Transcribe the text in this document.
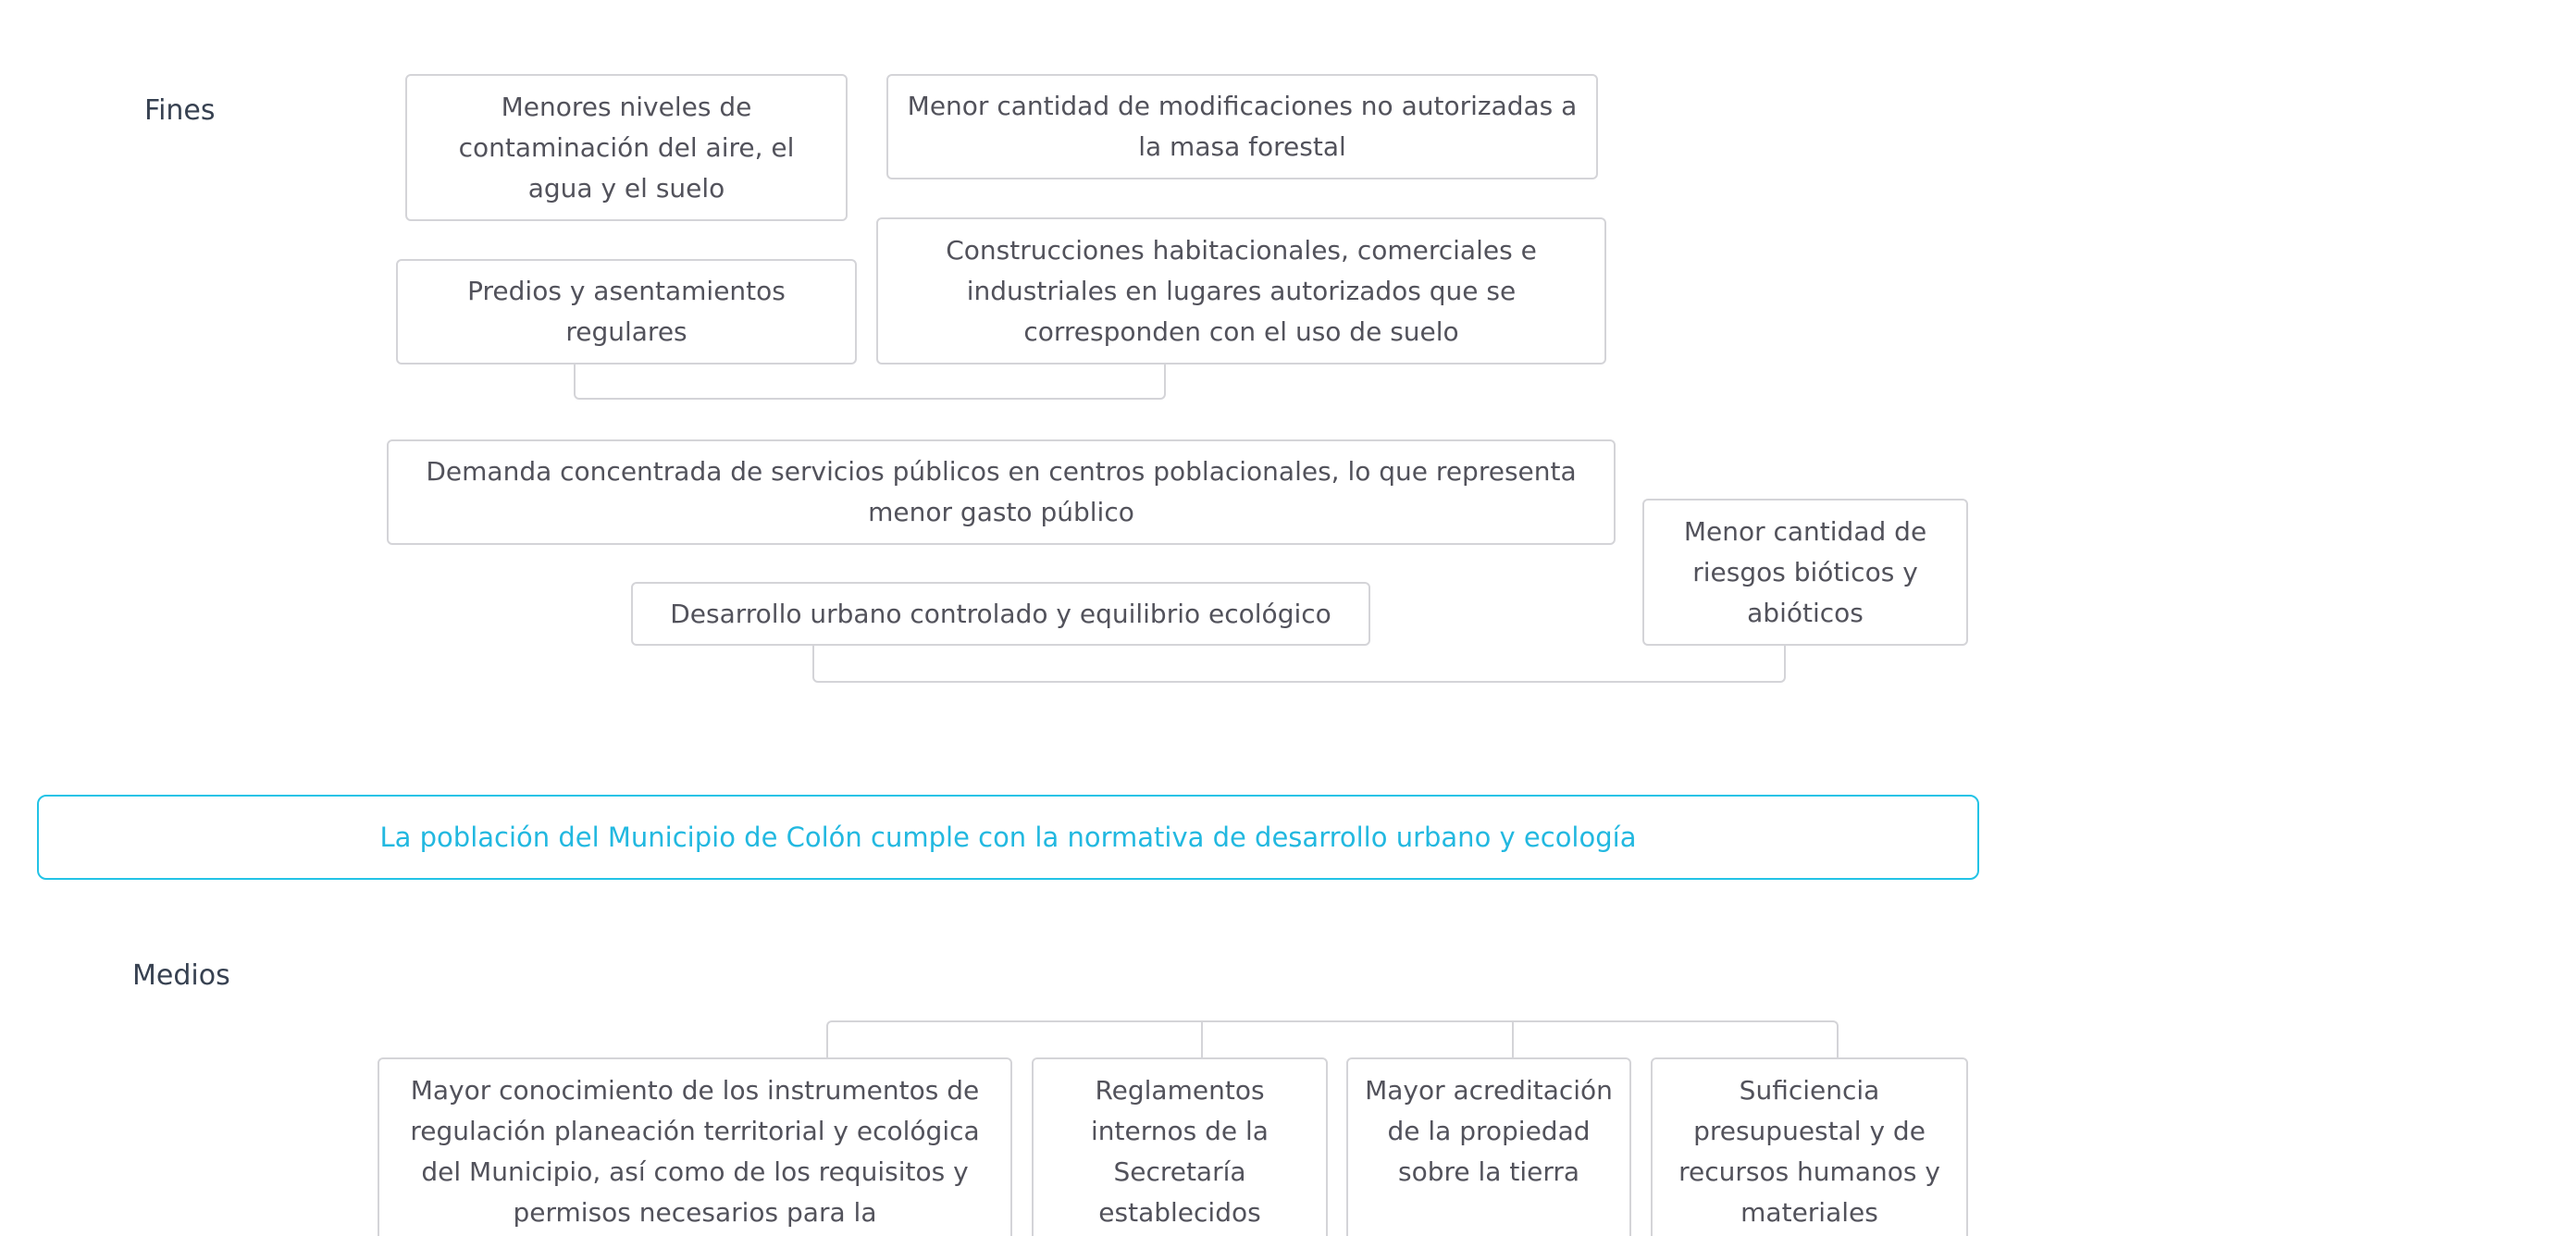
Fines
Medios
Menores niveles de contaminación del aire, el agua y el suelo
Menor cantidad de modificaciones no autorizadas a la masa forestal
Predios y asentamientos regulares
Construcciones habitacionales, comerciales e industriales en lugares autorizados que se corresponden con el uso de suelo
Demanda concentrada de servicios públicos en centros poblacionales, lo que representa menor gasto público
Menor cantidad de riesgos bióticos y abióticos
Desarrollo urbano controlado y equilibrio ecológico
La población del Municipio de Colón cumple con la normativa de desarrollo urbano y ecología
Mayor conocimiento de los instrumentos de regulación planeación territorial y ecológica del Municipio, así como de los requisitos y permisos necesarios para la
Reglamentos internos de la Secretaría establecidos
Mayor acreditación de la propiedad sobre la tierra
Suficiencia presupuestal y de recursos humanos y materiales
